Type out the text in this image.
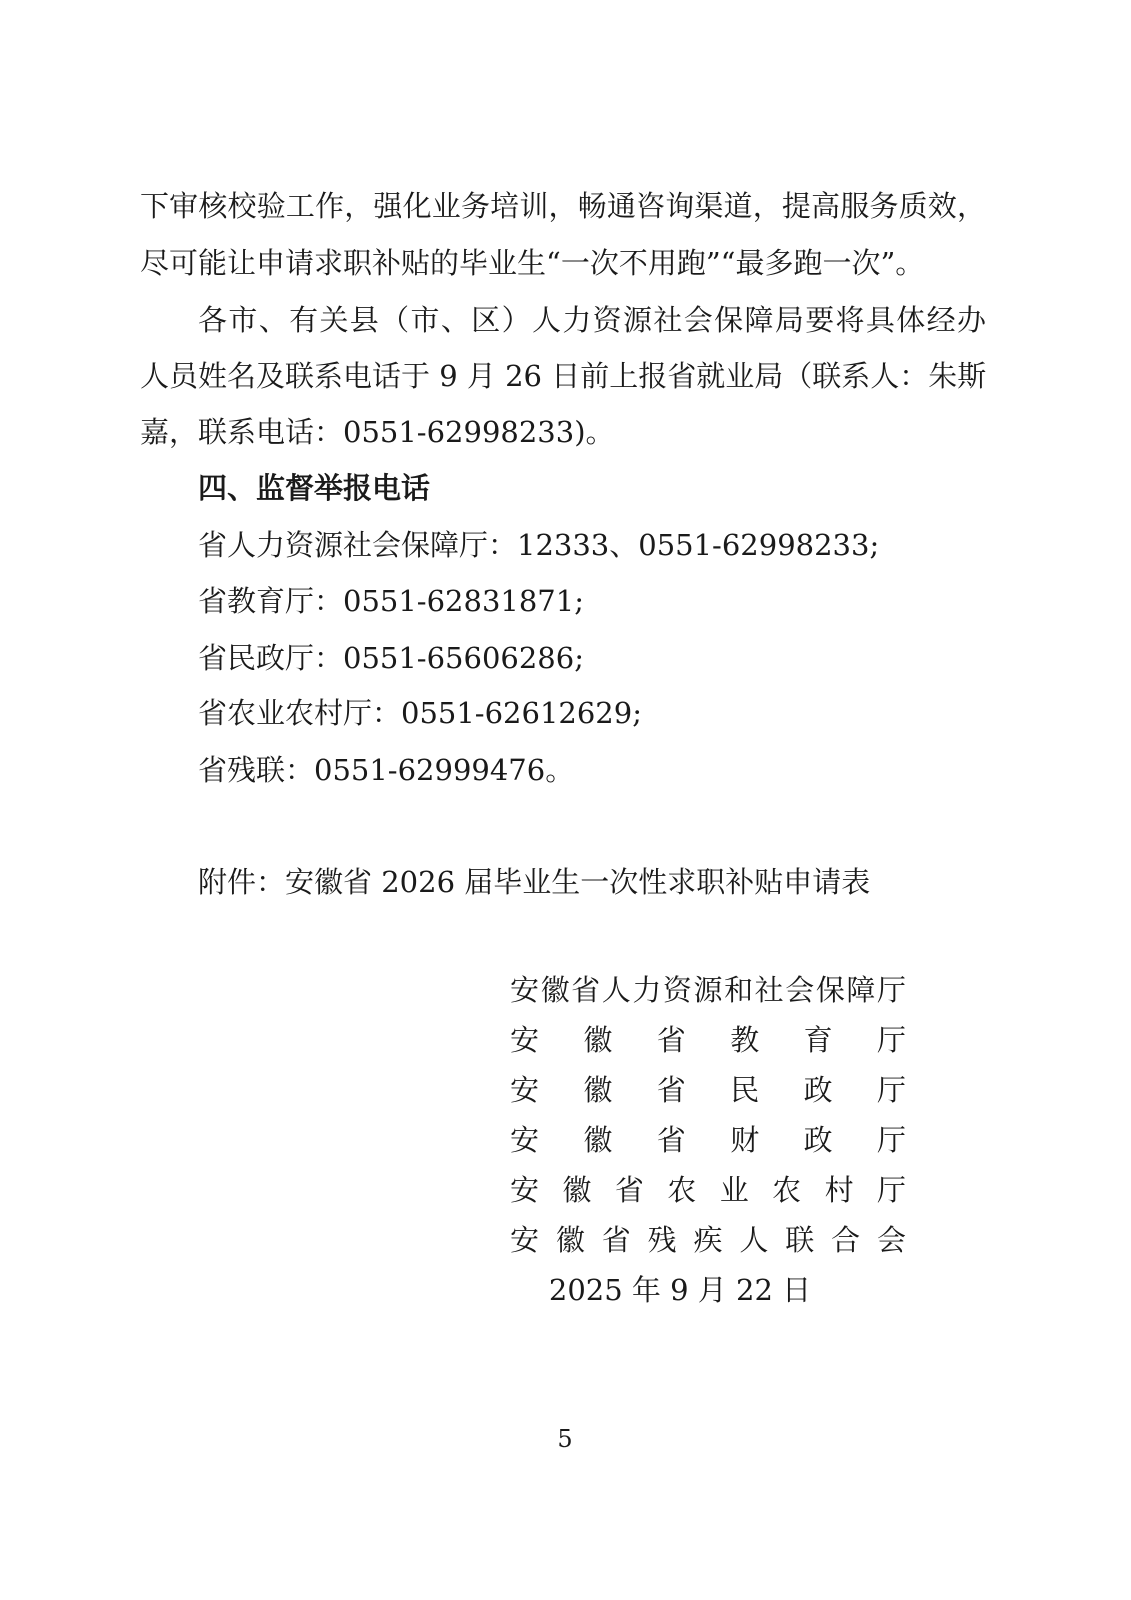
下审核校验工作，强化业务培训，畅通咨询渠道，提高服务质效，
尽可能让申请求职补贴的毕业生“一次不用跑”“最多跑一次”。
各市、有关县（市、区）人力资源社会保障局要将具体经办
人员姓名及联系电话于 9 月 26 日前上报省就业局（联系人：朱斯
嘉，联系电话：0551-62998233)。
四、监督举报电话
省人力资源社会保障厅：12333、0551-62998233;
省教育厅：0551-62831871;
省民政厅：0551-65606286;
省农业农村厅：0551-62612629;
省残联：0551-62999476。
附件：安徽省 2026 届毕业生一次性求职补贴申请表
安徽省人力资源和社会保障厅
安 徽 省 教 育 厅
安 徽 省 民 政 厅
安 徽 省 财 政 厅
安 徽 省 农 业 农 村 厅
安 徽 省 残 疾 人 联 合 会
2025 年 9 月 22 日
5
